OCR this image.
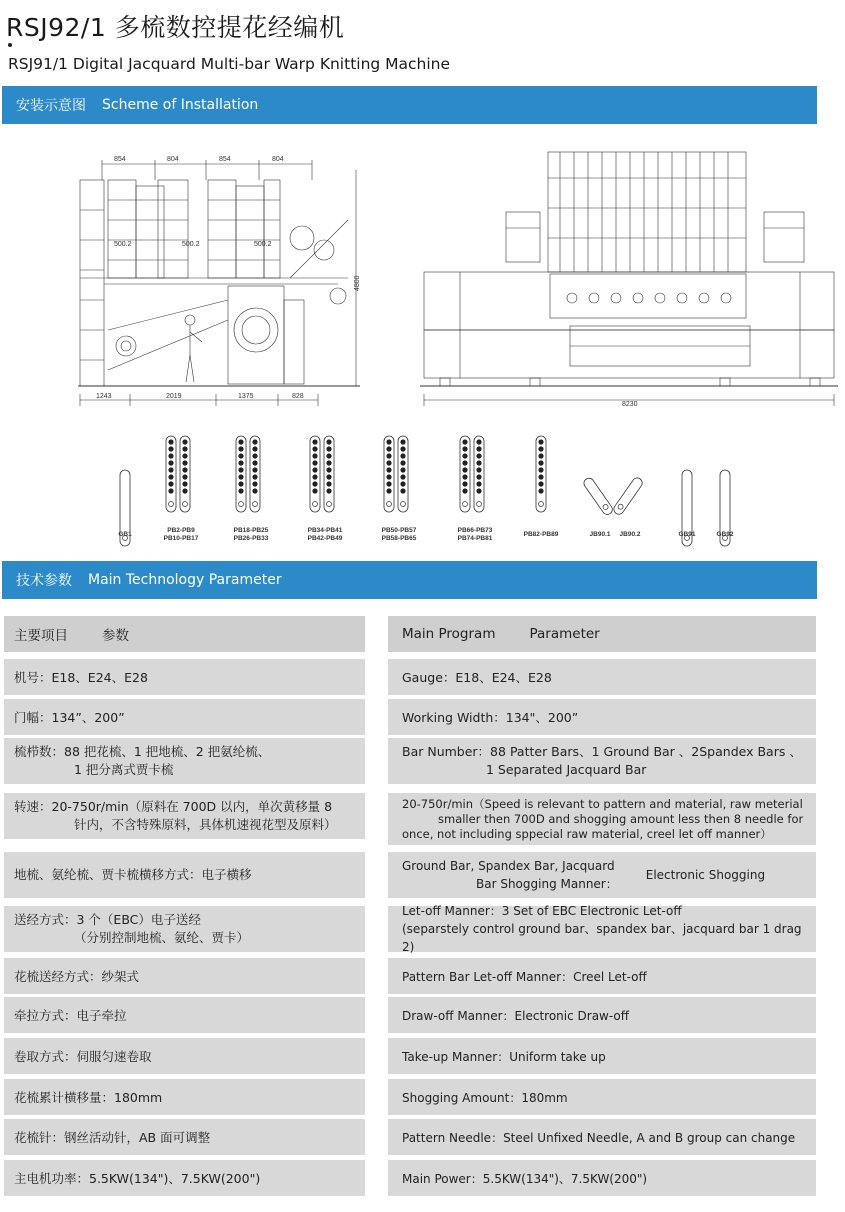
RSJ92/1 多梳数控提花经编机
RSJ91/1 Digital Jacquard Multi-bar Warp Knitting Machine
安装示意图 Scheme of Installation
854	804	854	804
500.2	500.2	500.2
4800
1243	2019	1375	828
8230
GB1
PB2-PB9
PB10-PB17
PB18-PB25
PB26-PB33
PB34-PB41
PB42-PB49
PB50-PB57
PB58-PB65
PB66-PB73
PB74-PB81
PB82-PB89	JB90.1 JB90.2	GB91	GB92
技术参数 Main Technology Parameter
主要项目	参数
机号：E18、E24、E28
门幅：134”、200”
梳栉数：88 把花梳、1 把地梳、2 把氨纶梳、
1 把分离式贾卡梳
转速：20-750r/min（原料在 700D 以内，单次黄移量 8
针内，不含特殊原料，具体机速视花型及原料）
地梳、氨纶梳、贾卡梳横移方式：电子横移
送经方式：3 个（EBC）电子送经
（分别控制地梳、氨纶、贾卡）
花梳送经方式：纱架式
牵拉方式：电子牵拉
卷取方式：伺服匀速卷取
花梳累计横移量：180mm
花梳针：钢丝活动针，AB 面可调整
主电机功率：5.5KW(134")、7.5KW(200")
Main Program	Parameter
Gauge：E18、E24、E28
Working Width：134"、200”
Bar Number：88 Patter Bars、1 Ground Bar 、2Spandex Bars 、
1 Separated Jacquard Bar
20-750r/min（Speed is relevant to pattern and material, raw meterial
smaller then 700D and shogging amount less then 8 needle for
once, not including sppecial raw material, creel let off manner）
Ground Bar, Spandex Bar, Jacquard
Bar Shogging Manner：
Electronic Shogging
Let-off Manner：3 Set of EBC Electronic Let-off
(separstely control ground bar、spandex bar、jacquard bar 1 drag 2)
Pattern Bar Let-off Manner：Creel Let-off
Draw-off Manner：Electronic Draw-off
Take-up Manner：Uniform take up
Shogging Amount：180mm
Pattern Needle：Steel Unfixed Needle, A and B group can change
Main Power：5.5KW(134")、7.5KW(200")
